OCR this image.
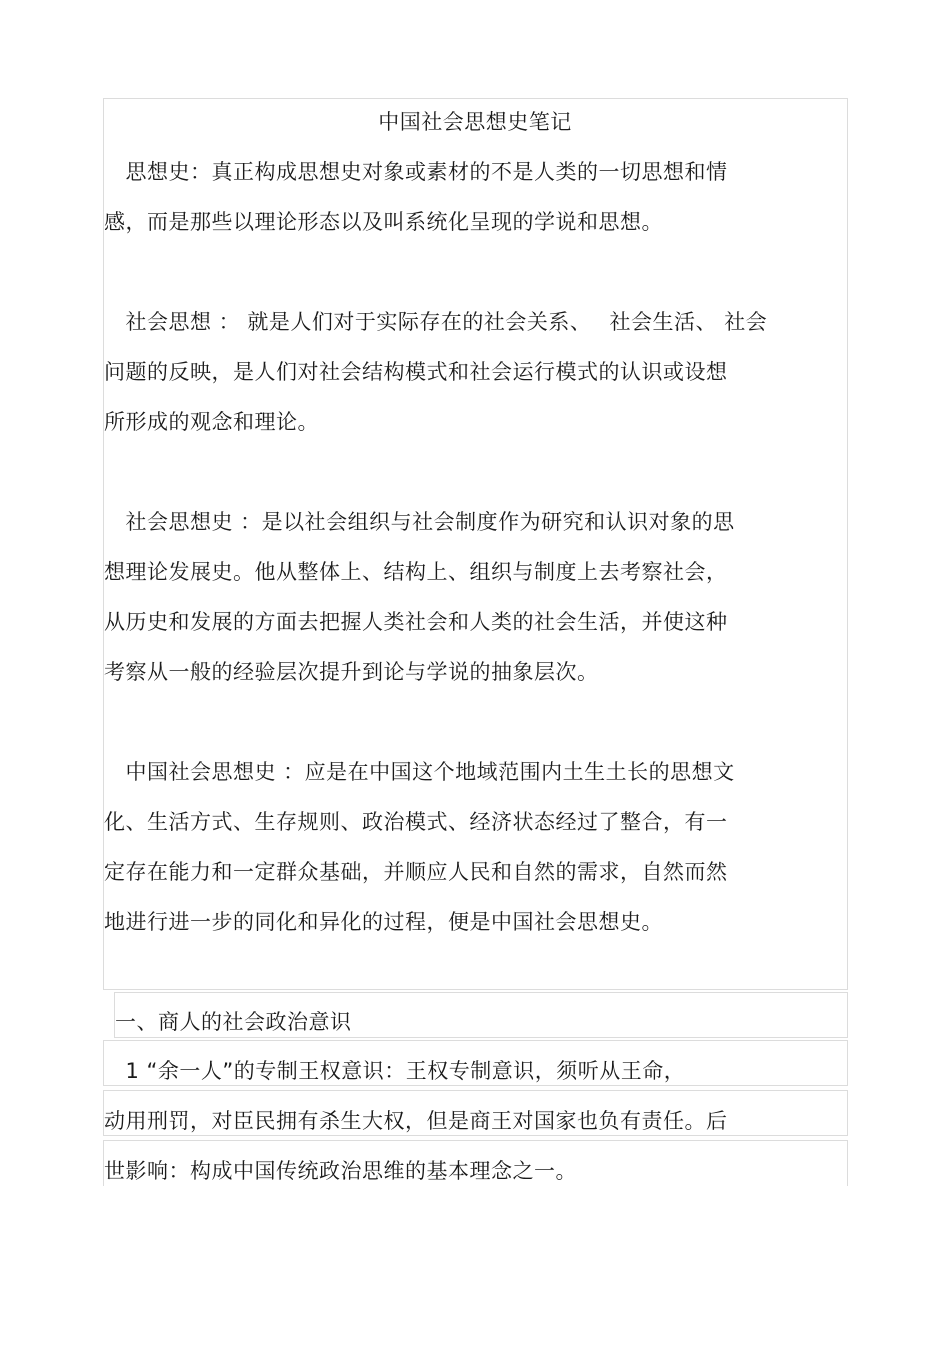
中国社会思想史笔记
　思想史：真正构成思想史对象或素材的不是人类的一切思想和情
感，而是那些以理论形态以及叫系统化呈现的学说和思想。
　社会思想 ： 就是人们对于实际存在的社会关系、　 社会生活、 社会
问题的反映，是人们对社会结构模式和社会运行模式的认识或设想
所形成的观念和理论。
　社会思想史 ：是以社会组织与社会制度作为研究和认识对象的思
想理论发展史。他从整体上、结构上、组织与制度上去考察社会，
从历史和发展的方面去把握人类社会和人类的社会生活，并使这种
考察从一般的经验层次提升到论与学说的抽象层次。
　中国社会思想史 ：应是在中国这个地域范围内土生土长的思想文
化、生活方式、生存规则、政治模式、经济状态经过了整合，有一
定存在能力和一定群众基础，并顺应人民和自然的需求，自然而然
地进行进一步的同化和异化的过程，便是中国社会思想史。
一、商人的社会政治意识
　1 “余一人”的专制王权意识：王权专制意识，须听从王命，
动用刑罚，对臣民拥有杀生大权，但是商王对国家也负有责任。后
世影响：构成中国传统政治思维的基本理念之一。
